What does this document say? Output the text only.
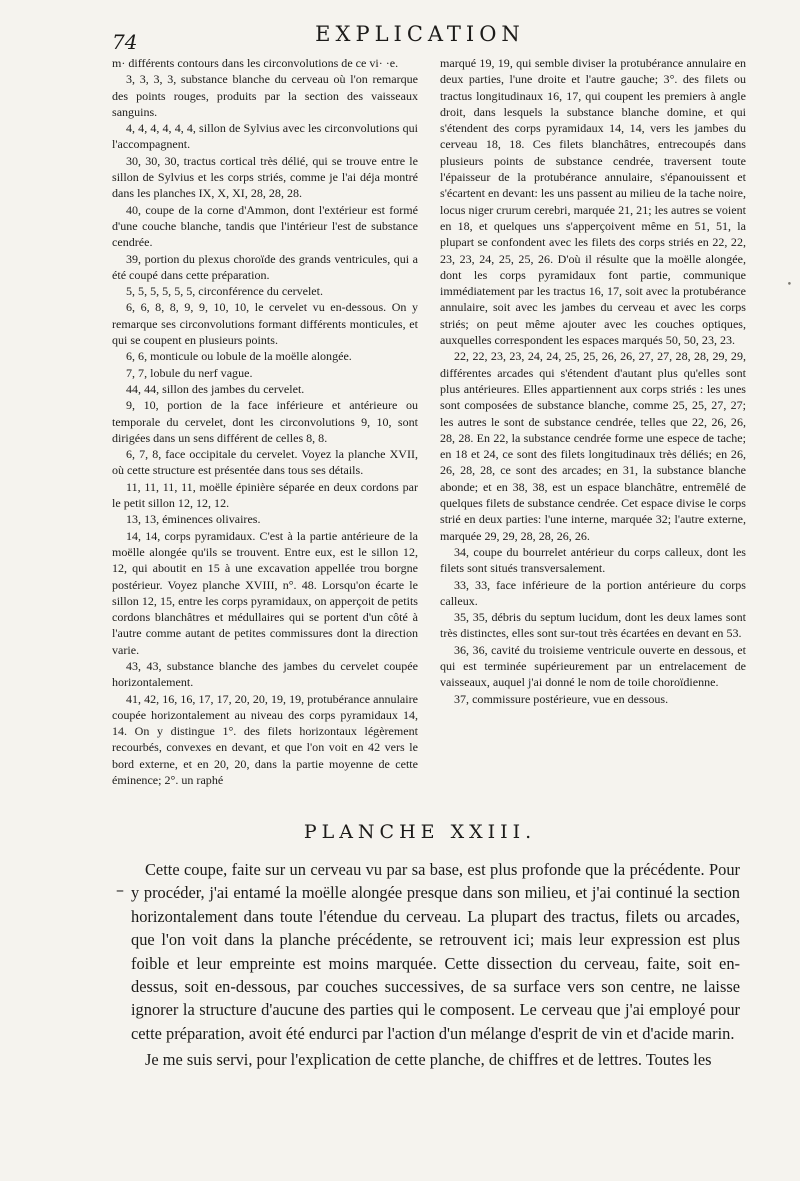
74	EXPLICATION

m· différents contours dans les circonvolutions de ce vi· ·e.

3, 3, 3, 3, substance blanche du cerveau où l'on remarque des points rouges, produits par la section des vaisseaux sanguins.

4, 4, 4, 4, 4, 4, sillon de Sylvius avec les circonvolutions qui l'accompagnent.

30, 30, 30, tractus cortical très délié, qui se trouve entre le sillon de Sylvius et les corps striés, comme je l'ai déja montré dans les planches IX, X, XI, 28, 28, 28.

40, coupe de la corne d'Ammon, dont l'extérieur est formé d'une couche blanche, tandis que l'intérieur l'est de substance cendrée.

39, portion du plexus choroïde des grands ventricules, qui a été coupé dans cette préparation.

5, 5, 5, 5, 5, 5, circonférence du cervelet.

6, 6, 8, 8, 9, 9, 10, 10, le cervelet vu en-dessous. On y remarque ses circonvolutions formant différents monticules, et qui se coupent en plusieurs points.

6, 6, monticule ou lobule de la moëlle alongée.

7, 7, lobule du nerf vague.

44, 44, sillon des jambes du cervelet.

9, 10, portion de la face inférieure et antérieure ou temporale du cervelet, dont les circonvolutions 9, 10, sont dirigées dans un sens différent de celles 8, 8.

6, 7, 8, face occipitale du cervelet. Voyez la planche XVII, où cette structure est présentée dans tous ses détails.

11, 11, 11, 11, moëlle épinière séparée en deux cordons par le petit sillon 12, 12, 12.

13, 13, éminences olivaires.

14, 14, corps pyramidaux. C'est à la partie antérieure de la moëlle alongée qu'ils se trouvent. Entre eux, est le sillon 12, 12, qui aboutit en 15 à une excavation appellée trou borgne postérieur. Voyez planche XVIII, n°. 48. Lorsqu'on écarte le sillon 12, 15, entre les corps pyramidaux, on apperçoit de petits cordons blanchâtres et médullaires qui se portent d'un côté à l'autre comme autant de petites commissures dont la direction varie.

43, 43, substance blanche des jambes du cervelet coupée horizontalement.

41, 42, 16, 16, 17, 17, 20, 20, 19, 19, protubérance annulaire coupée horizontalement au niveau des corps pyramidaux 14, 14. On y distingue 1°. des filets horizontaux légèrement recourbés, convexes en devant, et que l'on voit en 42 vers le bord externe, et en 20, 20, dans la partie moyenne de cette éminence; 2°. un raphé

marqué 19, 19, qui semble diviser la protubérance annulaire en deux parties, l'une droite et l'autre gauche; 3°. des filets ou tractus longitudinaux 16, 17, qui coupent les premiers à angle droit, dans lesquels la substance blanche domine, et qui s'étendent des corps pyramidaux 14, 14, vers les jambes du cerveau 18, 18. Ces filets blanchâtres, entrecoupés dans plusieurs points de substance cendrée, traversent toute l'épaisseur de la protubérance annulaire, s'épanouissent et s'écartent en devant: les uns passent au milieu de la tache noire, locus niger crurum cerebri, marquée 21, 21; les autres se voient en 18, et quelques uns s'apperçoivent même en 51, 51, la plupart se confondent avec les filets des corps striés en 22, 22, 23, 23, 24, 25, 25, 26. D'où il résulte que la moëlle alongée, dont les corps pyramidaux font partie, communique immédiatement par les tractus 16, 17, soit avec la protubérance annulaire, soit avec les jambes du cerveau et avec les corps striés; on peut même ajouter avec les couches optiques, auxquelles correspondent les espaces marqués 50, 50, 23, 23.

22, 22, 23, 23, 24, 24, 25, 25, 26, 26, 27, 27, 28, 28, 29, 29, différentes arcades qui s'étendent d'autant plus qu'elles sont plus antérieures. Elles appartiennent aux corps striés : les unes sont composées de substance blanche, comme 25, 25, 27, 27; les autres le sont de substance cendrée, telles que 22, 26, 26, 28, 28. En 22, la substance cendrée forme une espece de tache; en 18 et 24, ce sont des filets longitudinaux très déliés; en 26, 26, 28, 28, ce sont des arcades; en 31, la substance blanche abonde; et en 38, 38, est un espace blanchâtre, entremêlé de quelques filets de substance cendrée. Cet espace divise le corps strié en deux parties: l'une interne, marquée 32; l'autre externe, marquée 29, 29, 28, 28, 26, 26.

34, coupe du bourrelet antérieur du corps calleux, dont les filets sont situés transversalement.

33, 33, face inférieure de la portion antérieure du corps calleux.

35, 35, débris du septum lucidum, dont les deux lames sont très distinctes, elles sont sur-tout très écartées en devant en 53.

36, 36, cavité du troisieme ventricule ouverte en dessous, et qui est terminée supérieurement par un entrelacement de vaisseaux, auquel j'ai donné le nom de toile choroïdienne.

37, commissure postérieure, vue en dessous.

PLANCHE XXIII.
–

Cette coupe, faite sur un cerveau vu par sa base, est plus profonde que la précédente. Pour y procéder, j'ai entamé la moëlle alongée presque dans son milieu, et j'ai continué la section horizontalement dans toute l'étendue du cerveau. La plupart des tractus, filets ou arcades, que l'on voit dans la planche précédente, se retrouvent ici; mais leur expression est plus foible et leur empreinte est moins marquée. Cette dissection du cerveau, faite, soit en-dessus, soit en-dessous, par couches successives, de sa surface vers son centre, ne laisse ignorer la structure d'aucune des parties qui le composent. Le cerveau que j'ai employé pour cette préparation, avoit été endurci par l'action d'un mélange d'esprit de vin et d'acide marin.

Je me suis servi, pour l'explication de cette planche, de chiffres et de lettres. Toutes les

•
